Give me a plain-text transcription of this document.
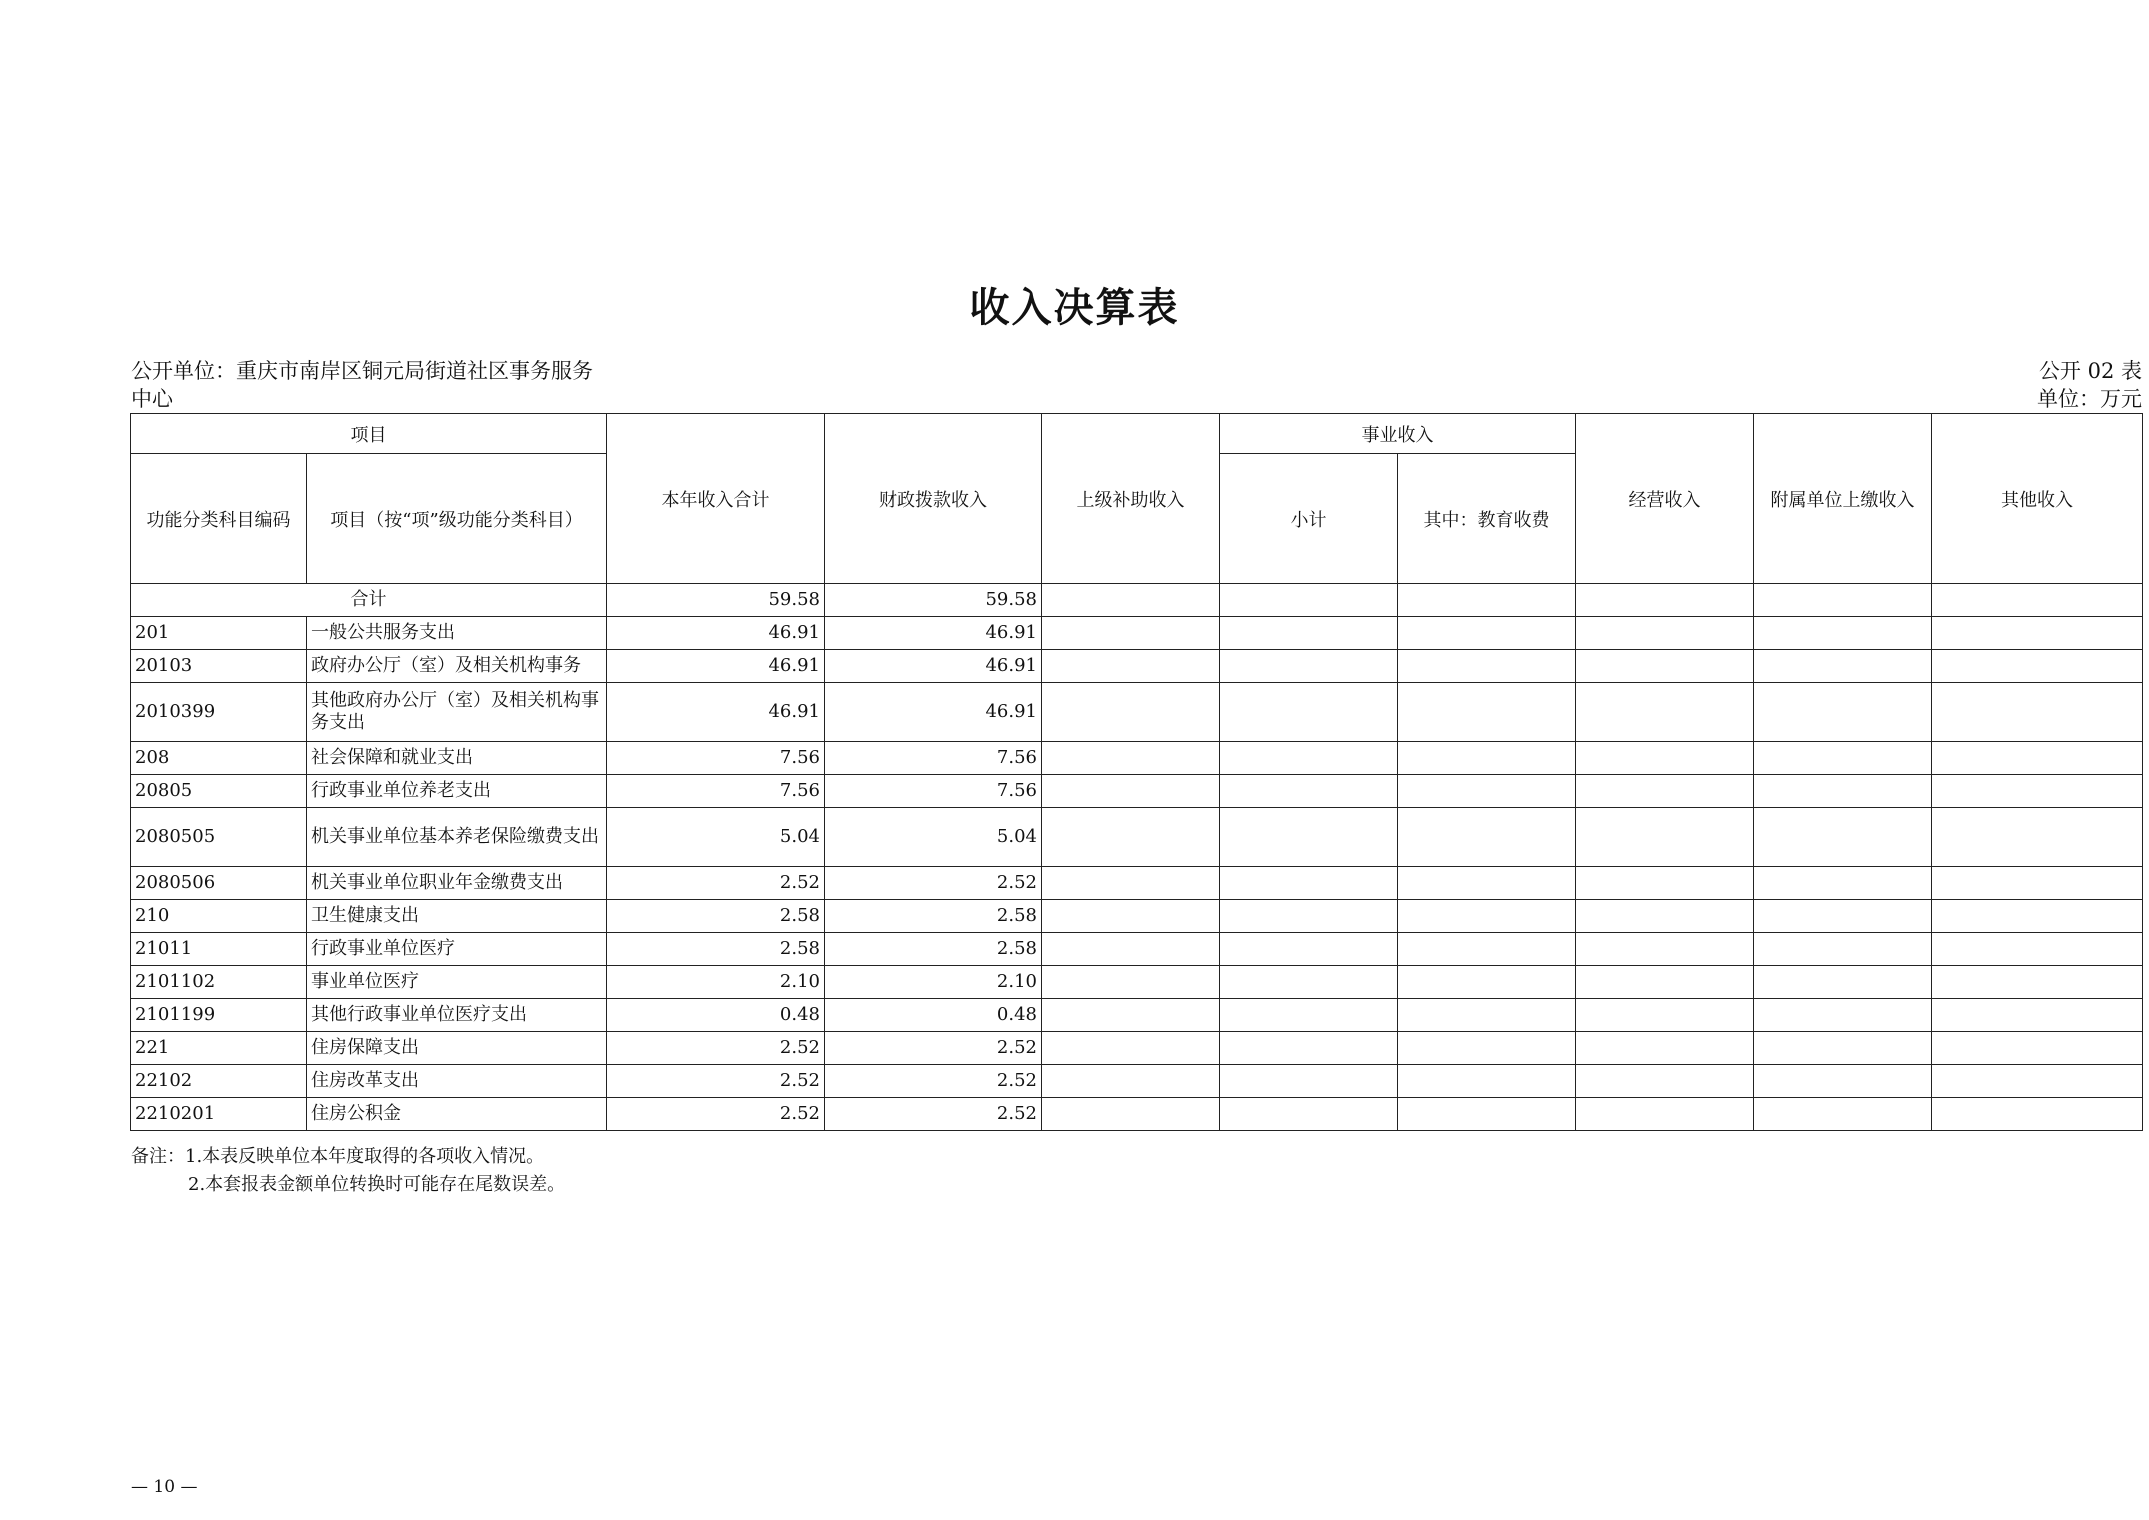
收入决算表
公开单位：重庆市南岸区铜元局街道社区事务服务中心
公开 02 表
单位：万元
项目		本年收入合计	财政拨款收入	上级补助收入	事业收入		经营收入	附属单位上缴收入	其他收入
功能分类科目编码	项目（按“项”级功能分类科目）				小计	其中：教育收费			
合计		59.58	59.58						
201	一般公共服务支出	46.91	46.91						
20103	政府办公厅（室）及相关机构事务	46.91	46.91						
2010399	其他政府办公厅（室）及相关机构事务支出	46.91	46.91						
208	社会保障和就业支出	7.56	7.56						
20805	行政事业单位养老支出	7.56	7.56						
2080505	机关事业单位基本养老保险缴费支出	5.04	5.04						
2080506	机关事业单位职业年金缴费支出	2.52	2.52						
210	卫生健康支出	2.58	2.58						
21011	行政事业单位医疗	2.58	2.58						
2101102	事业单位医疗	2.10	2.10						
2101199	其他行政事业单位医疗支出	0.48	0.48						
221	住房保障支出	2.52	2.52						
22102	住房改革支出	2.52	2.52						
2210201	住房公积金	2.52	2.52						
备注：1.本表反映单位本年度取得的各项收入情况。
2.本套报表金额单位转换时可能存在尾数误差。
— 10 —
